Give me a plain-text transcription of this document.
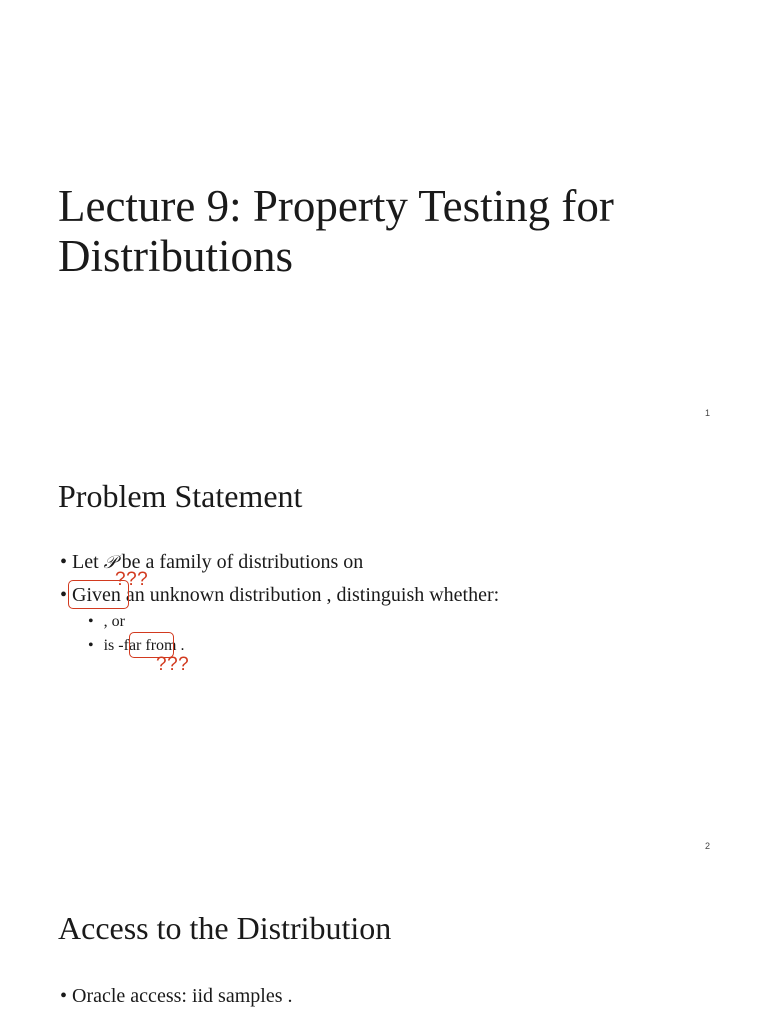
Lecture 9: Property Testing for
Distributions
1
Problem Statement
• Let 𝒫 be a family of distributions on
• Given an unknown distribution , distinguish whether:
• , or
• is -far from .
???
???
2
Access to the Distribution
• Oracle access: iid samples .
